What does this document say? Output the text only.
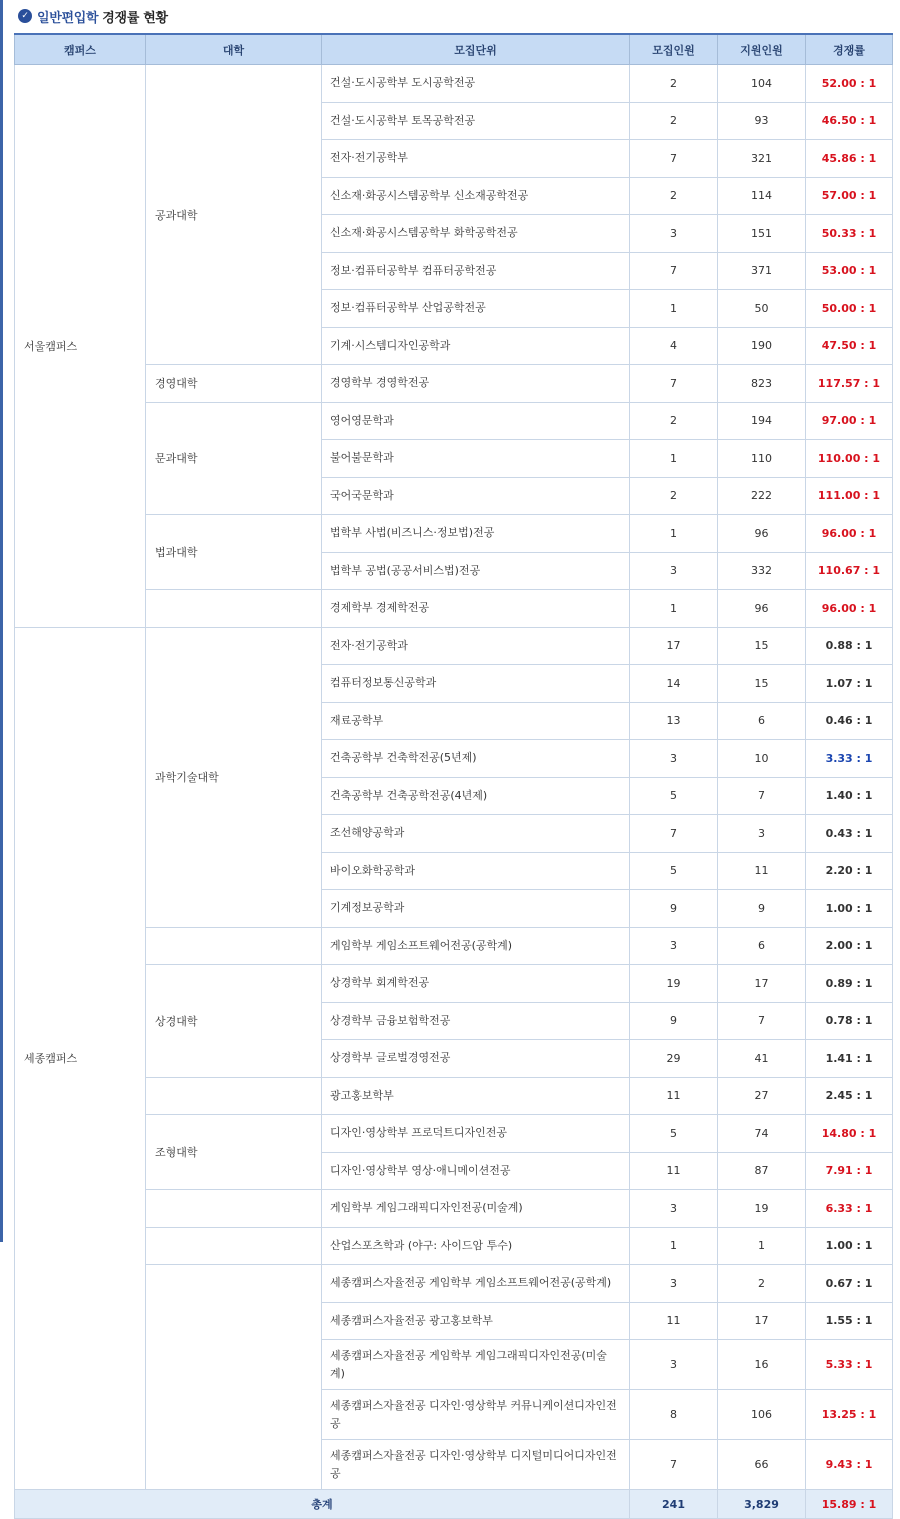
✓ 일반편입학 경쟁률 현황
캠퍼스	대학	모집단위	모집인원	지원인원	경쟁률
서울캠퍼스	공과대학	건설·도시공학부 도시공학전공	2	104	52.00 : 1
		건설·도시공학부 토목공학전공	2	93	46.50 : 1
		전자·전기공학부	7	321	45.86 : 1
		신소재·화공시스템공학부 신소재공학전공	2	114	57.00 : 1
		신소재·화공시스템공학부 화학공학전공	3	151	50.33 : 1
		정보·컴퓨터공학부 컴퓨터공학전공	7	371	53.00 : 1
		정보·컴퓨터공학부 산업공학전공	1	50	50.00 : 1
		기계·시스템디자인공학과	4	190	47.50 : 1
	경영대학	경영학부 경영학전공	7	823	117.57 : 1
	문과대학	영어영문학과	2	194	97.00 : 1
		불어불문학과	1	110	110.00 : 1
		국어국문학과	2	222	111.00 : 1
	법과대학	법학부 사법(비즈니스·정보법)전공	1	96	96.00 : 1
		법학부 공법(공공서비스법)전공	3	332	110.67 : 1
		경제학부 경제학전공	1	96	96.00 : 1
세종캠퍼스	과학기술대학	전자·전기공학과	17	15	0.88 : 1
		컴퓨터정보통신공학과	14	15	1.07 : 1
		재료공학부	13	6	0.46 : 1
		건축공학부 건축학전공(5년제)	3	10	3.33 : 1
		건축공학부 건축공학전공(4년제)	5	7	1.40 : 1
		조선해양공학과	7	3	0.43 : 1
		바이오화학공학과	5	11	2.20 : 1
		기계정보공학과	9	9	1.00 : 1
		게임학부 게임소프트웨어전공(공학계)	3	6	2.00 : 1
	상경대학	상경학부 회계학전공	19	17	0.89 : 1
		상경학부 금융보험학전공	9	7	0.78 : 1
		상경학부 글로벌경영전공	29	41	1.41 : 1
		광고홍보학부	11	27	2.45 : 1
	조형대학	디자인·영상학부 프로덕트디자인전공	5	74	14.80 : 1
		디자인·영상학부 영상·애니메이션전공	11	87	7.91 : 1
		게임학부 게임그래픽디자인전공(미술계)	3	19	6.33 : 1
		산업스포츠학과 (야구: 사이드암 투수)	1	1	1.00 : 1
		세종캠퍼스자율전공 게임학부 게임소프트웨어전공(공학계)	3	2	0.67 : 1
		세종캠퍼스자율전공 광고홍보학부	11	17	1.55 : 1
		세종캠퍼스자율전공 게임학부 게임그래픽디자인전공(미술계)	3	16	5.33 : 1
		세종캠퍼스자율전공 디자인·영상학부 커뮤니케이션디자인전공	8	106	13.25 : 1
		세종캠퍼스자율전공 디자인·영상학부 디지털미디어디자인전공	7	66	9.43 : 1
총계			241	3,829	15.89 : 1
